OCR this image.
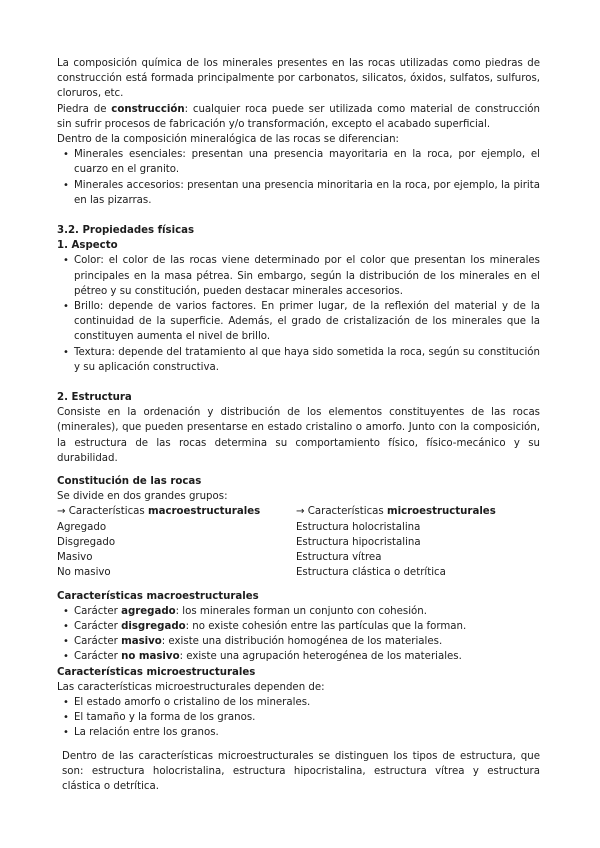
La composición química de los minerales presentes en las rocas utilizadas como piedras de construcción está formada principalmente por carbonatos, silicatos, óxidos, sulfatos, sulfuros, cloruros, etc.

Piedra de construcción: cualquier roca puede ser utilizada como material de construcción sin sufrir procesos de fabricación y/o transformación, excepto el acabado superficial.

Dentro de la composición mineralógica de las rocas se diferencian:

• Minerales esenciales: presentan una presencia mayoritaria en la roca, por ejemplo, el cuarzo en el granito.
• Minerales accesorios: presentan una presencia minoritaria en la roca, por ejemplo, la pirita en las pizarras.
3.2. Propiedades físicas
1. Aspecto
• Color: el color de las rocas viene determinado por el color que presentan los minerales principales en la masa pétrea. Sin embargo, según la distribución de los minerales en el pétreo y su constitución, pueden destacar minerales accesorios.
• Brillo: depende de varios factores. En primer lugar, de la reflexión del material y de la continuidad de la superficie. Además, el grado de cristalización de los minerales que la constituyen aumenta el nivel de brillo.
• Textura: depende del tratamiento al que haya sido sometida la roca, según su constitución y su aplicación constructiva.
2. Estructura

Consiste en la ordenación y distribución de los elementos constituyentes de las rocas (minerales), que pueden presentarse en estado cristalino o amorfo. Junto con la composición, la estructura de las rocas determina su comportamiento físico, físico-mecánico y su durabilidad.

Constitución de las rocas

Se divide en dos grandes grupos:

→ Características macroestructurales

Agregado

Disgregado

Masivo

No masivo

→ Características microestructurales

Estructura holocristalina

Estructura hipocristalina

Estructura vítrea

Estructura clástica o detrítica

Características macroestructurales
• Carácter agregado: los minerales forman un conjunto con cohesión.
• Carácter disgregado: no existe cohesión entre las partículas que la forman.
• Carácter masivo: existe una distribución homogénea de los materiales.
• Carácter no masivo: existe una agrupación heterogénea de los materiales.
Características microestructurales

Las características microestructurales dependen de:

• El estado amorfo o cristalino de los minerales.
• El tamaño y la forma de los granos.
• La relación entre los granos.

Dentro de las características microestructurales se distinguen los tipos de estructura, que son: estructura holocristalina, estructura hipocristalina, estructura vítrea y estructura clástica o detrítica.
